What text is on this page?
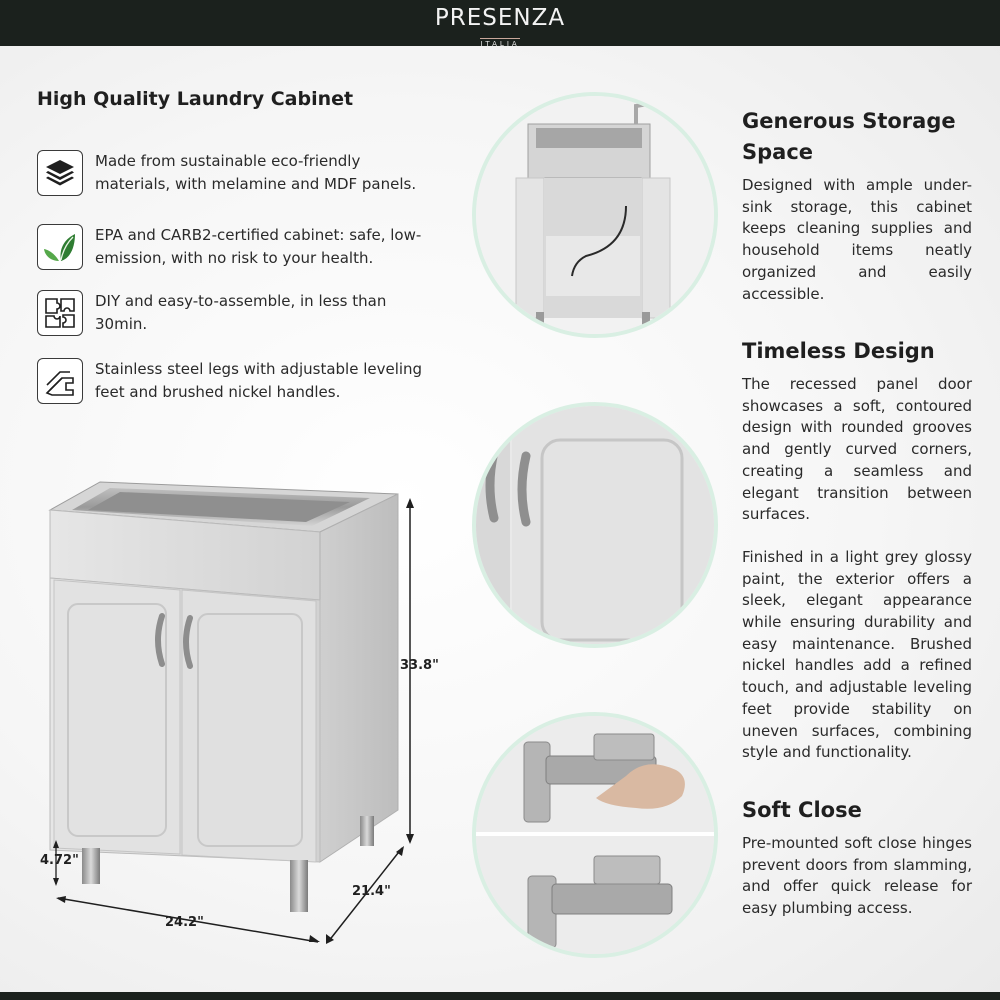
PRESENZA
ITALIA
High Quality Laundry Cabinet
Made from sustainable eco-friendly materials, with melamine and MDF panels.
EPA and CARB2-certified cabinet: safe, low-emission, with no risk to your health.
DIY and easy-to-assemble, in less than 30min.
Stainless steel legs with adjustable leveling feet and brushed nickel handles.
33.8"
4.72"
24.2"
21.4"
Generous Storage Space
Designed with ample under-sink storage, this cabinet keeps cleaning supplies and household items neatly organized and easily accessible.
Timeless Design
The recessed panel door showcases a soft, contoured design with rounded grooves and gently curved corners, creating a seamless and elegant transition between surfaces.
Finished in a light grey glossy paint, the exterior offers a sleek, elegant appearance while ensuring durability and easy maintenance. Brushed nickel handles add a refined touch, and adjustable leveling feet provide stability on uneven surfaces, combining style and functionality.
Soft Close
Pre-mounted soft close hinges prevent doors from slamming, and offer quick release for easy plumbing access.
